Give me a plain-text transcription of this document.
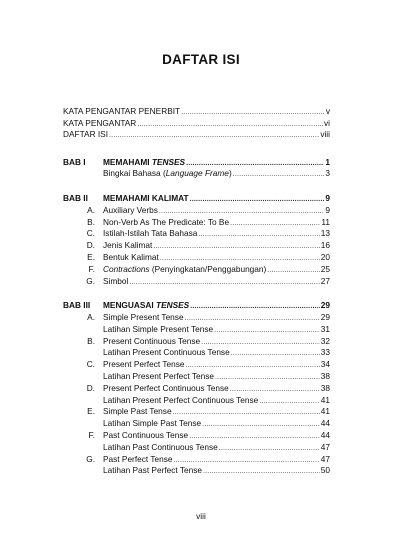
DAFTAR ISI
KATA PENGANTAR PENERBIT .....	v
KATA PENGANTAR .....	vi
DAFTAR ISI .....	viii
BAB I MEMAHAMI TENSES .....	1
Bingkai Bahasa (Language Frame) .....	3
BAB II MEMAHAMI KALIMAT .....	9
A. Auxiliary Verbs .....	9
B. Non-Verb As The Predicate: To Be .....	11
C. Istilah-Istilah Tata Bahasa .....	13
D. Jenis Kalimat .....	16
E. Bentuk Kalimat .....	20
F. Contractions (Penyingkatan/Penggabungan) .....	25
G. Simbol .....	27
BAB III MENGUASAI TENSES .....	29
A. Simple Present Tense .....	29
Latihan Simple Present Tense .....	31
B. Present Continuous Tense .....	32
Latihan Present Continuous Tense .....	33
C. Present Perfect Tense .....	34
Latihan Present Perfect Tense .....	38
D. Present Perfect Continuous Tense .....	38
Latihan Present Perfect Continuous Tense .....	41
E. Simple Past Tense .....	41
Latihan Simple Past Tense .....	44
F. Past Continuous Tense .....	44
Latihan Past Continuous Tense .....	47
G. Past Perfect Tense .....	47
Latihan Past Perfect Tense .....	50
viii
